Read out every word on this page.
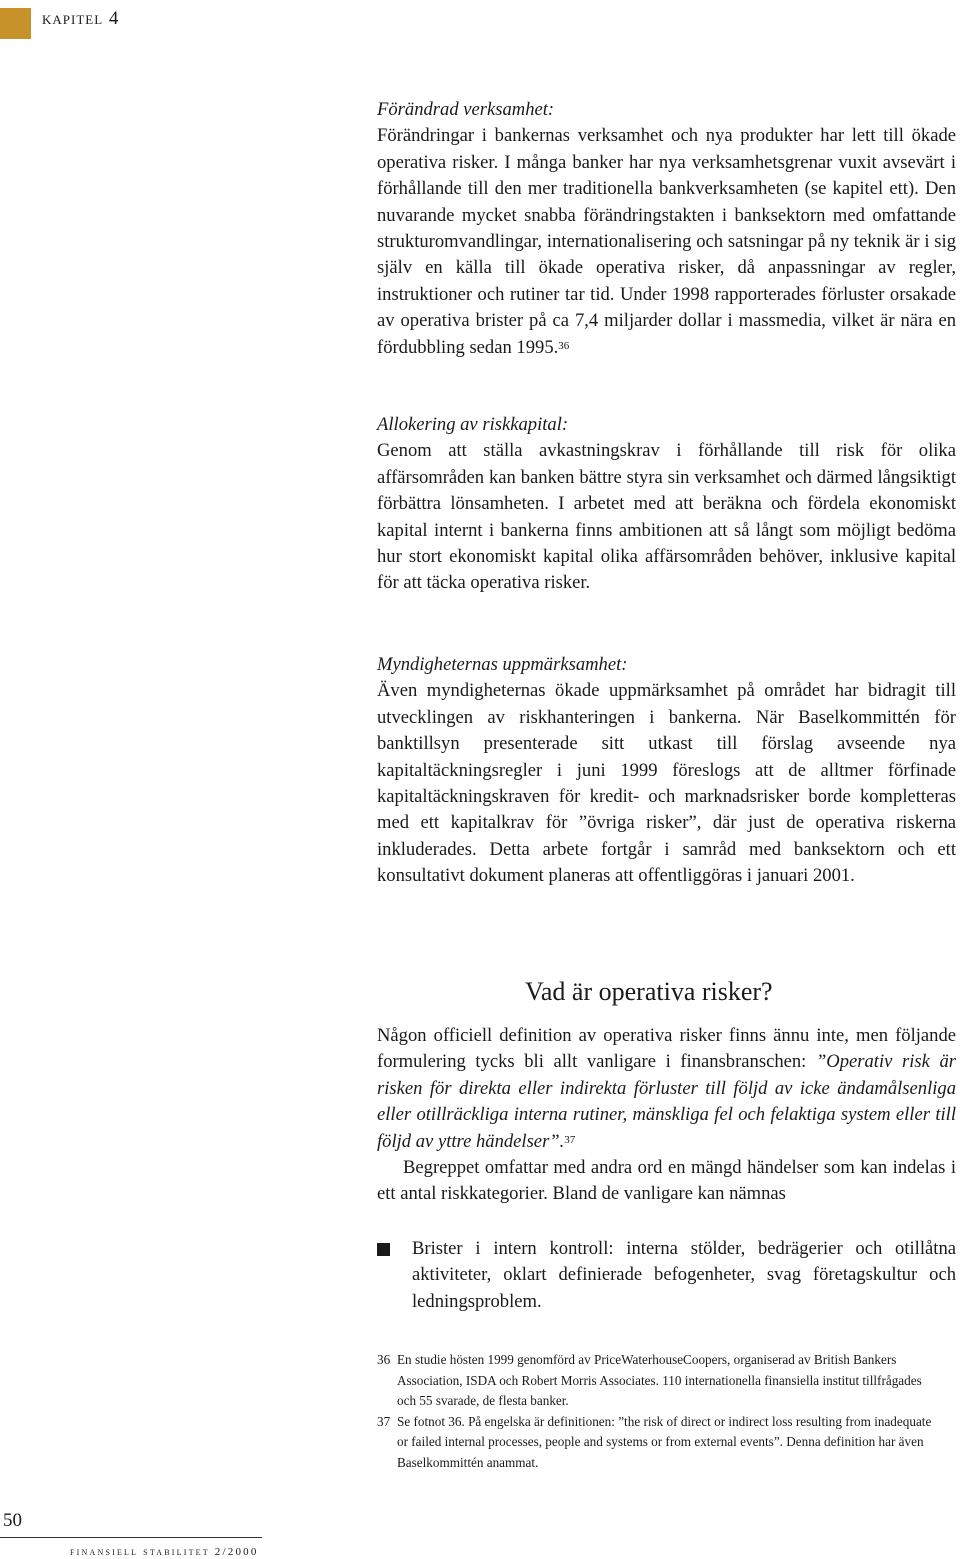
kapitel 4

Förändrad verksamhet:

Förändringar i bankernas verksamhet och nya produkter har lett till ökade operativa risker. I många banker har nya verksamhetsgrenar vuxit avsevärt i förhållande till den mer traditionella bankverksamheten (se kapitel ett). Den nuvarande mycket snabba förändringstakten i banksektorn med omfattande strukturomvandlingar, internationalisering och satsningar på ny teknik är i sig själv en källa till ökade operativa risker, då anpassningar av regler, instruktioner och rutiner tar tid. Under 1998 rapporterades förluster orsakade av operativa brister på ca 7,4 miljarder dollar i massmedia, vilket är nära en fördubbling sedan 1995.36

Allokering av riskkapital:

Genom att ställa avkastningskrav i förhållande till risk för olika affärsområden kan banken bättre styra sin verksamhet och därmed långsiktigt förbättra lönsamheten. I arbetet med att beräkna och fördela ekonomiskt kapital internt i bankerna finns ambitionen att så långt som möjligt bedöma hur stort ekonomiskt kapital olika affärsområden behöver, inklusive kapital för att täcka operativa risker.

Myndigheternas uppmärksamhet:

Även myndigheternas ökade uppmärksamhet på området har bidragit till utvecklingen av riskhanteringen i bankerna. När Baselkommittén för banktillsyn presenterade sitt utkast till förslag avseende nya kapitaltäckningsregler i juni 1999 föreslogs att de alltmer förfinade kapitaltäckningskraven för kredit- och marknadsrisker borde kompletteras med ett kapitalkrav för ”övriga risker”, där just de operativa riskerna inkluderades. Detta arbete fortgår i samråd med banksektorn och ett konsultativt dokument planeras att offentliggöras i januari 2001.

Vad är operativa risker?

Någon officiell definition av operativa risker finns ännu inte, men följande formulering tycks bli allt vanligare i finansbranschen: ”Operativ risk är risken för direkta eller indirekta förluster till följd av icke ändamålsenliga eller otillräckliga interna rutiner, mänskliga fel och felaktiga system eller till följd av yttre händelser”.$^{37}$

Begreppet omfattar med andra ord en mängd händelser som kan indelas i ett antal riskkategorier. Bland de vanligare kan nämnas

Brister i intern kontroll: interna stölder, bedrägerier och otillåtna aktiviteter, oklart definierade befogenheter, svag företagskultur och ledningsproblem.

36 En studie hösten 1999 genomförd av PriceWaterhouseCoopers, organiserad av British Bankers Association, ISDA och Robert Morris Associates. 110 internationella finansiella institut tillfrågades och 55 svarade, de flesta banker.

37 Se fotnot 36. På engelska är definitionen: ”the risk of direct or indirect loss resulting from inadequate or failed internal processes, people and systems or from external events”. Denna definition har även Baselkommittén anammat.

50
finansiell stabilitet 2/2000
